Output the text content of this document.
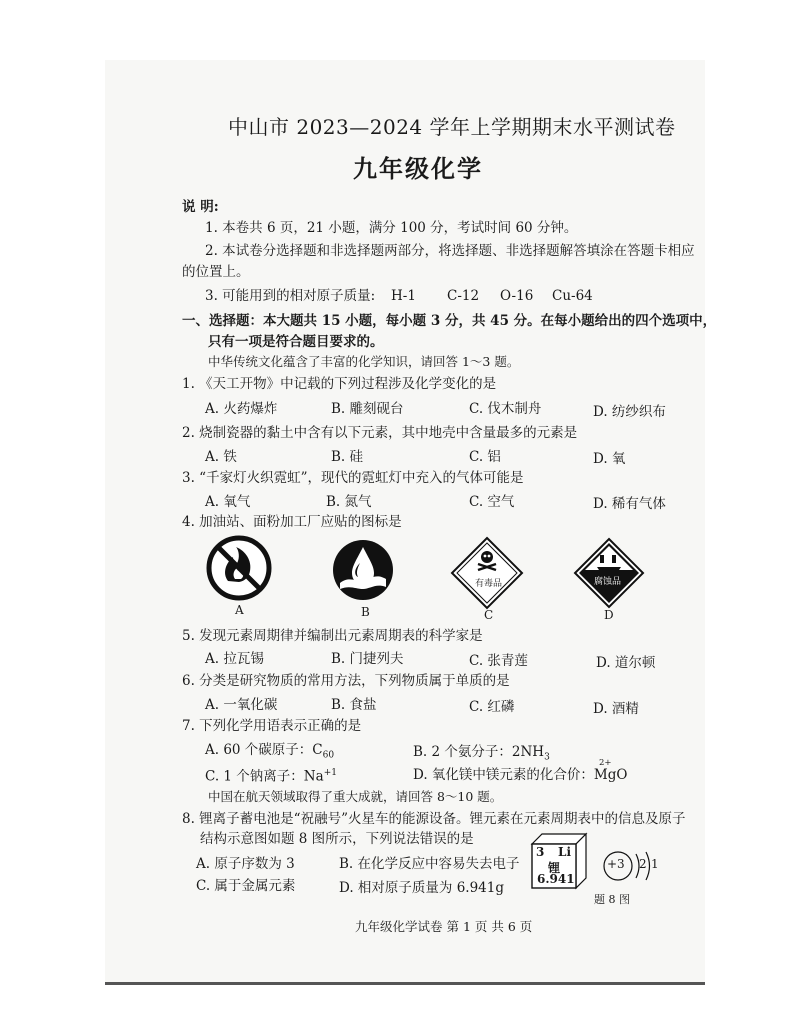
中山市 2023—2024 学年上学期期末水平测试卷
九年级化学
说 明:
1. 本卷共 6 页，21 小题，满分 100 分，考试时间 60 分钟。
2. 本试卷分选择题和非选择题两部分，将选择题、非选择题解答填涂在答题卡相应
的位置上。
3. 可能用到的相对原子质量: H-1 C-12 O-16 Cu-64
一、选择题：本大题共 15 小题，每小题 3 分，共 45 分。在每小题给出的四个选项中，
只有一项是符合题目要求的。
中华传统文化蕴含了丰富的化学知识，请回答 1～3 题。
1. 《天工开物》中记载的下列过程涉及化学变化的是
A. 火药爆炸	B. 雕刻砚台	C. 伐木制舟	D. 纺纱织布
2. 烧制瓷器的黏土中含有以下元素，其中地壳中含量最多的元素是
A. 铁	B. 硅	C. 铝	D. 氧
3. “千家灯火织霓虹”，现代的霓虹灯中充入的气体可能是
A. 氧气	B. 氮气	C. 空气	D. 稀有气体
4. 加油站、面粉加工厂应贴的图标是
A	B
有毒品
C
腐蚀品
D
5. 发现元素周期律并编制出元素周期表的科学家是
A. 拉瓦锡	B. 门捷列夫	C. 张青莲	D. 道尔顿
6. 分类是研究物质的常用方法，下列物质属于单质的是
A. 一氧化碳	B. 食盐	C. 红磷	D. 酒精
7. 下列化学用语表示正确的是
A. 60 个碳原子：$C_{60}$	B. 2 个氨分子：$2NH_3$
C. 1 个钠离子：$Na^{+1}$	D. 氧化镁中镁元素的化合价：MgO
2+
中国在航天领域取得了重大成就，请回答 8～10 题。
8. 锂离子蓄电池是“祝融号”火星车的能源设备。锂元素在元素周期表中的信息及原子
结构示意图如题 8 图所示，下列说法错误的是
A. 原子序数为 3	B. 在化学反应中容易失去电子
C. 属于金属元素	D. 相对原子质量为 6.941g
3 Li
锂
6.941
+3 2 1
题 8 图
九年级化学试卷 第 1 页 共 6 页
